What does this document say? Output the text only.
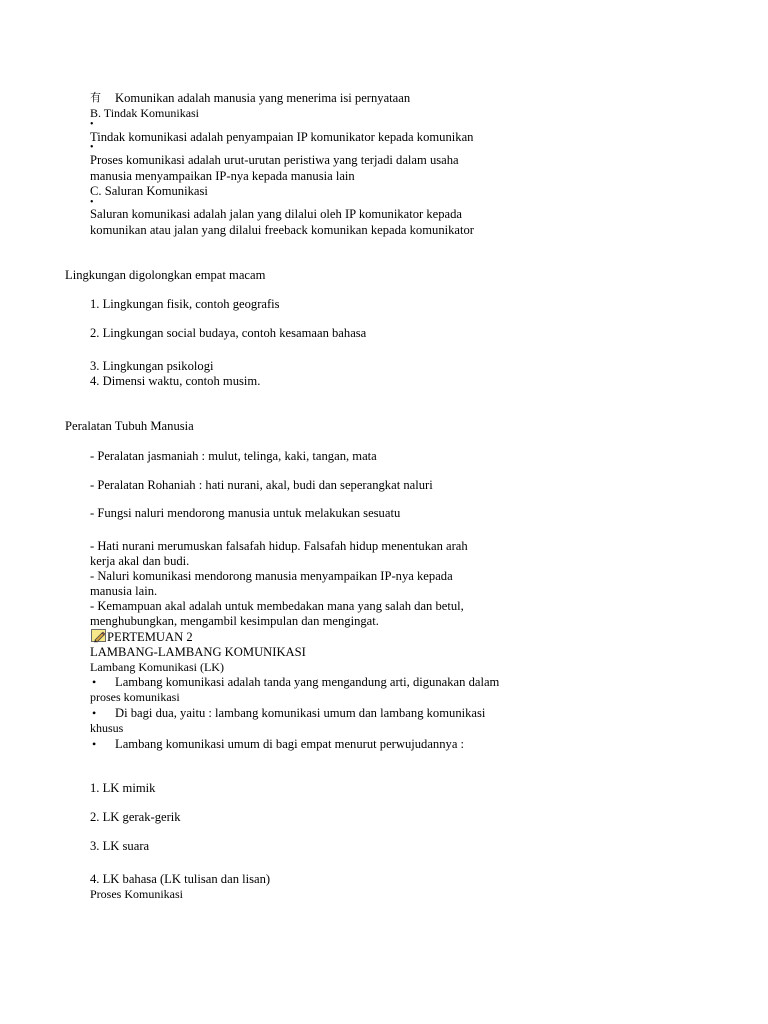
有 Komunikan adalah manusia yang menerima isi pernyataan
B. Tindak Komunikasi
•
Tindak komunikasi adalah penyampaian IP komunikator kepada komunikan
•
Proses komunikasi adalah urut-urutan peristiwa yang terjadi dalam usaha
manusia menyampaikan IP-nya kepada manusia lain
C. Saluran Komunikasi
•
Saluran komunikasi adalah jalan yang dilalui oleh IP komunikator kepada
komunikan atau jalan yang dilalui freeback komunikan kepada komunikator
Lingkungan digolongkan empat macam
1. Lingkungan fisik, contoh geografis
2. Lingkungan social budaya, contoh kesamaan bahasa
3. Lingkungan psikologi
4. Dimensi waktu, contoh musim.
Peralatan Tubuh Manusia
- Peralatan jasmaniah : mulut, telinga, kaki, tangan, mata
- Peralatan Rohaniah : hati nurani, akal, budi dan seperangkat naluri
- Fungsi naluri mendorong manusia untuk melakukan sesuatu
- Hati nurani merumuskan falsafah hidup. Falsafah hidup menentukan arah
kerja akal dan budi.
- Naluri komunikasi mendorong manusia menyampaikan IP-nya kepada
manusia lain.
- Kemampuan akal adalah untuk membedakan mana yang salah dan betul,
menghubungkan, mengambil kesimpulan dan mengingat.
PERTEMUAN 2
LAMBANG-LAMBANG KOMUNIKASI
Lambang Komunikasi (LK)
• Lambang komunikasi adalah tanda yang mengandung arti, digunakan dalam
proses komunikasi
• Di bagi dua, yaitu : lambang komunikasi umum dan lambang komunikasi
khusus
• Lambang komunikasi umum di bagi empat menurut perwujudannya :
1. LK mimik
2. LK gerak-gerik
3. LK suara
4. LK bahasa (LK tulisan dan lisan)
Proses Komunikasi
